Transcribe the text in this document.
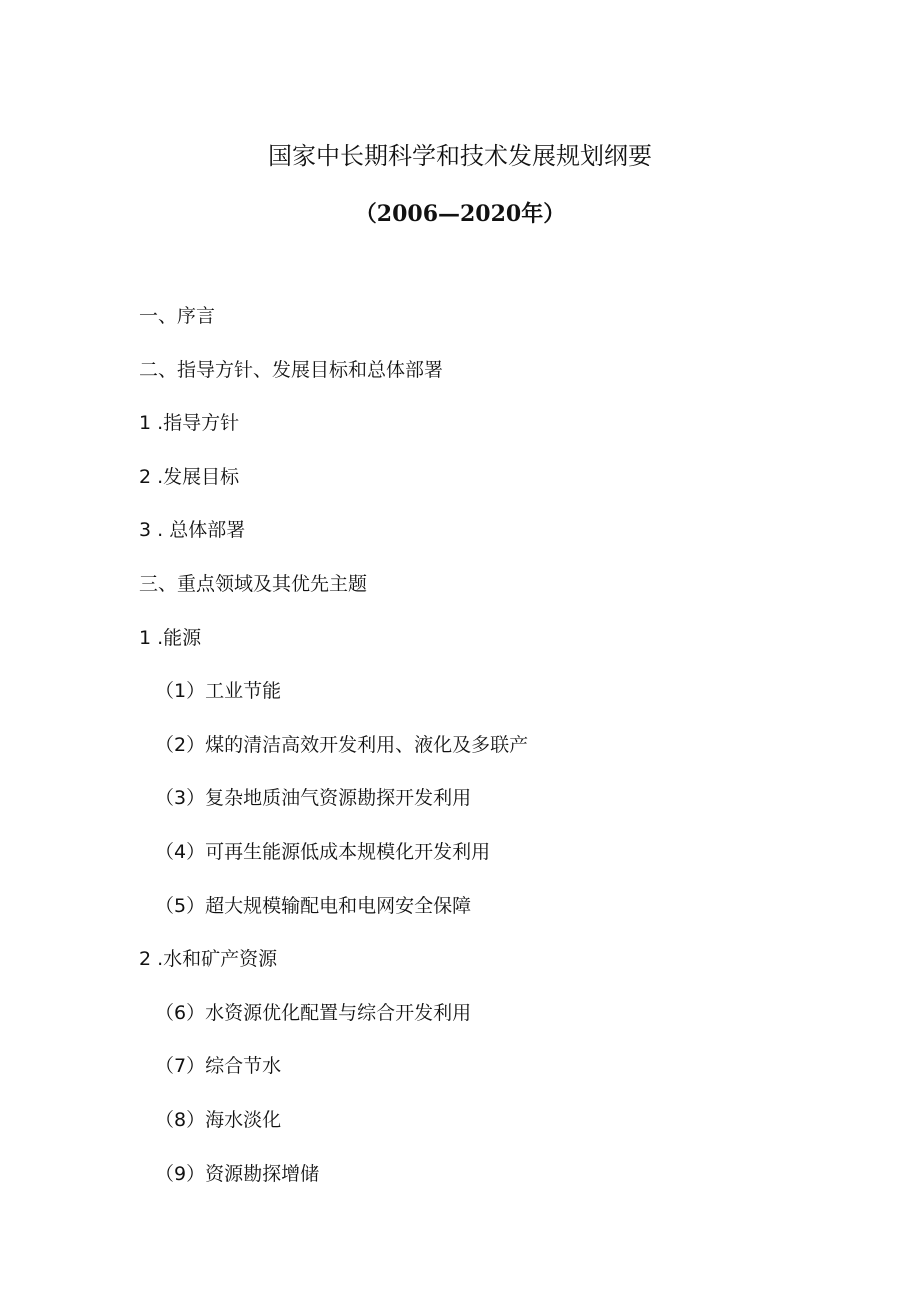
国家中长期科学和技术发展规划纲要
（2006—2020年）
一、序言
二、指导方针、发展目标和总体部署
1 .指导方针
2 .发展目标
3 . 总体部署
三、重点领域及其优先主题
1 .能源
（1）工业节能
（2）煤的清洁高效开发利用、液化及多联产
（3）复杂地质油气资源勘探开发利用
（4）可再生能源低成本规模化开发利用
（5）超大规模输配电和电网安全保障
2 .水和矿产资源
（6）水资源优化配置与综合开发利用
（7）综合节水
（8）海水淡化
（9）资源勘探增储
